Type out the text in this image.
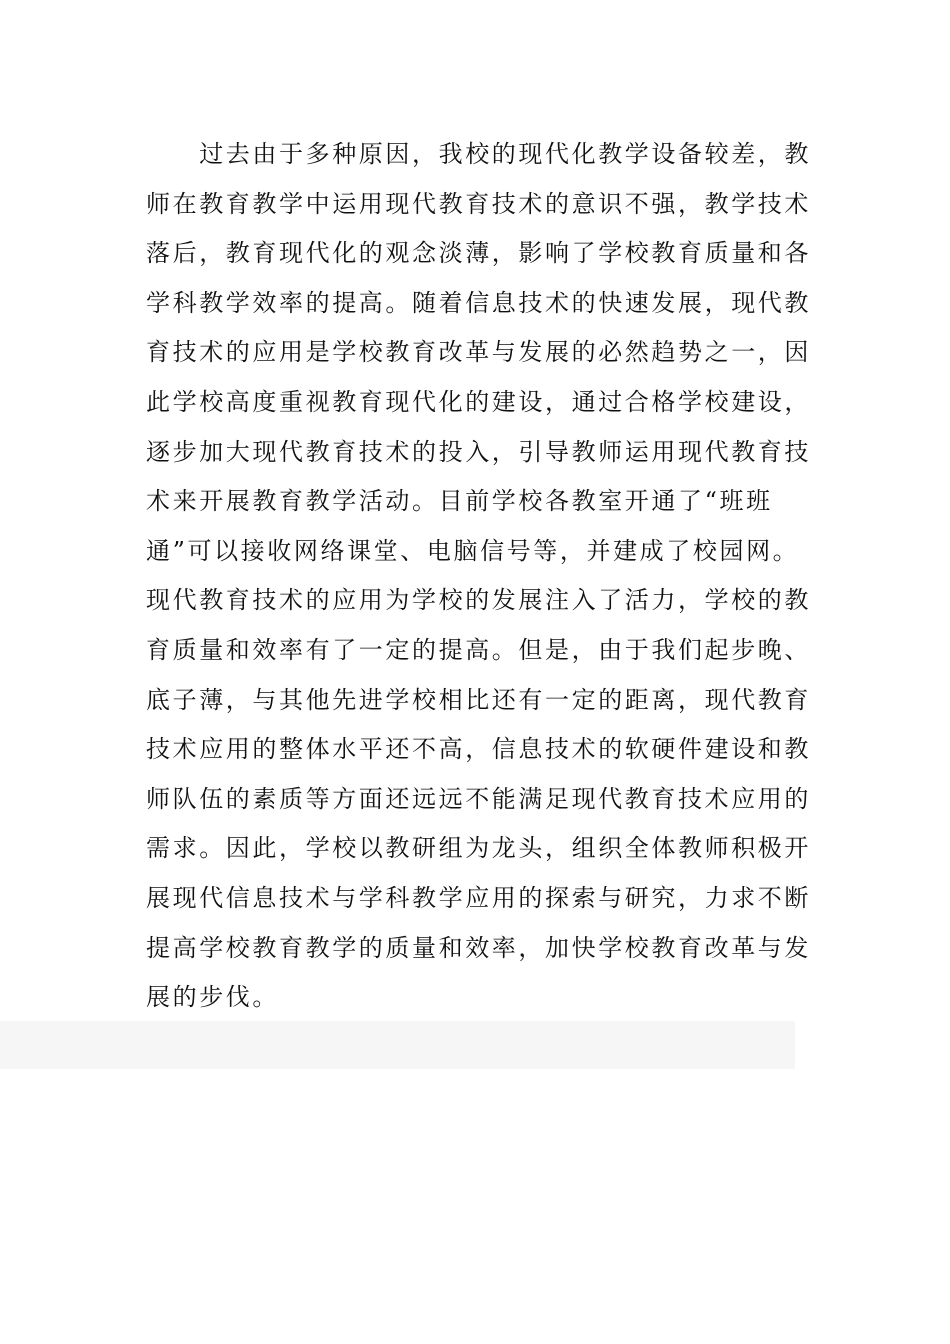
　　过去由于多种原因，我校的现代化教学设备较差，教
师在教育教学中运用现代教育技术的意识不强，教学技术
落后，教育现代化的观念淡薄，影响了学校教育质量和各
学科教学效率的提高。随着信息技术的快速发展，现代教
育技术的应用是学校教育改革与发展的必然趋势之一，因
此学校高度重视教育现代化的建设，通过合格学校建设，
逐步加大现代教育技术的投入，引导教师运用现代教育技
术来开展教育教学活动。目前学校各教室开通了“班班
通”可以接收网络课堂、电脑信号等，并建成了校园网。
现代教育技术的应用为学校的发展注入了活力，学校的教
育质量和效率有了一定的提高。但是，由于我们起步晚、
底子薄，与其他先进学校相比还有一定的距离，现代教育
技术应用的整体水平还不高，信息技术的软硬件建设和教
师队伍的素质等方面还远远不能满足现代教育技术应用的
需求。因此，学校以教研组为龙头，组织全体教师积极开
展现代信息技术与学科教学应用的探索与研究，力求不断
提高学校教育教学的质量和效率，加快学校教育改革与发
展的步伐。
